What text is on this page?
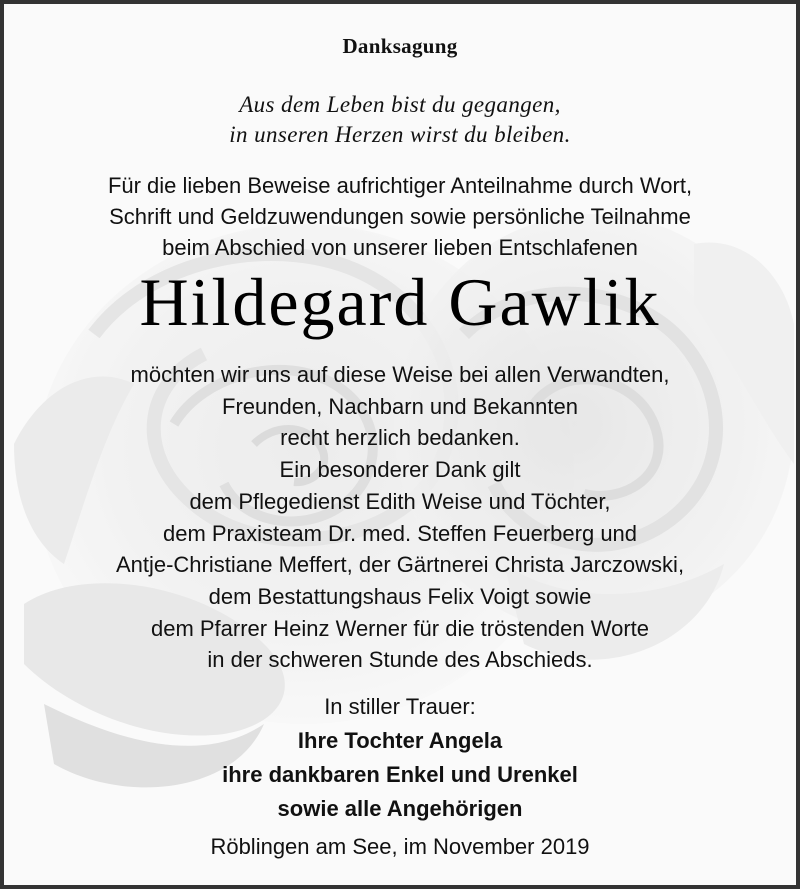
Danksagung
Aus dem Leben bist du gegangen,
in unseren Herzen wirst du bleiben.
Für die lieben Beweise aufrichtiger Anteilnahme durch Wort,
Schrift und Geldzuwendungen sowie persönliche Teilnahme
beim Abschied von unserer lieben Entschlafenen
Hildegard Gawlik
möchten wir uns auf diese Weise bei allen Verwandten,
Freunden, Nachbarn und Bekannten
recht herzlich bedanken.
Ein besonderer Dank gilt
dem Pflegedienst Edith Weise und Töchter,
dem Praxisteam Dr. med. Steffen Feuerberg und
Antje-Christiane Meffert, der Gärtnerei Christa Jarczowski,
dem Bestattungshaus Felix Voigt sowie
dem Pfarrer Heinz Werner für die tröstenden Worte
in der schweren Stunde des Abschieds.
In stiller Trauer:
Ihre Tochter Angela
ihre dankbaren Enkel und Urenkel
sowie alle Angehörigen
Röblingen am See, im November 2019
